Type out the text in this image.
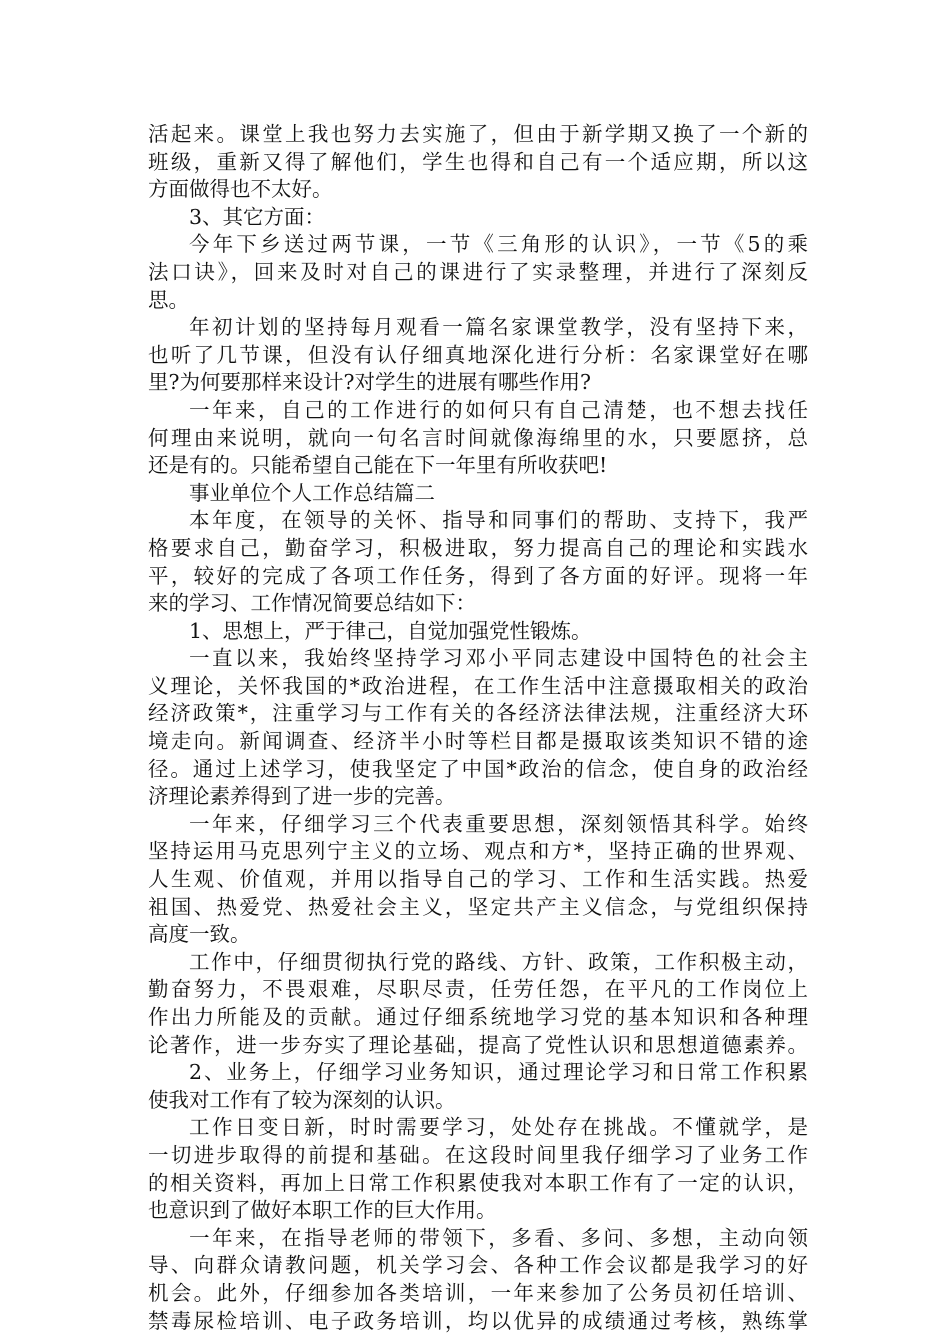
活起来。课堂上我也努力去实施了，但由于新学期又换了一个新的
班级，重新又得了解他们，学生也得和自己有一个适应期，所以这
方面做得也不太好。
3、其它方面：
今年下乡送过两节课，一节《三角形的认识》，一节《5的乘
法口诀》，回来及时对自己的课进行了实录整理，并进行了深刻反
思。
年初计划的坚持每月观看一篇名家课堂教学，没有坚持下来，
也听了几节课，但没有认仔细真地深化进行分析：名家课堂好在哪
里?为何要那样来设计?对学生的进展有哪些作用?
一年来，自己的工作进行的如何只有自己清楚，也不想去找任
何理由来说明，就向一句名言时间就像海绵里的水，只要愿挤，总
还是有的。只能希望自己能在下一年里有所收获吧!
事业单位个人工作总结篇二
本年度，在领导的关怀、指导和同事们的帮助、支持下，我严
格要求自己，勤奋学习，积极进取，努力提高自己的理论和实践水
平，较好的完成了各项工作任务，得到了各方面的好评。现将一年
来的学习、工作情况简要总结如下：
1、思想上，严于律己，自觉加强党性锻炼。
一直以来，我始终坚持学习邓小平同志建设中国特色的社会主
义理论，关怀我国的*政治进程，在工作生活中注意摄取相关的政治
经济政策*，注重学习与工作有关的各经济法律法规，注重经济大环
境走向。新闻调查、经济半小时等栏目都是摄取该类知识不错的途
径。通过上述学习，使我坚定了中国*政治的信念，使自身的政治经
济理论素养得到了进一步的完善。
一年来，仔细学习三个代表重要思想，深刻领悟其科学。始终
坚持运用马克思列宁主义的立场、观点和方*，坚持正确的世界观、
人生观、价值观，并用以指导自己的学习、工作和生活实践。热爱
祖国、热爱党、热爱社会主义，坚定共产主义信念，与党组织保持
高度一致。
工作中，仔细贯彻执行党的路线、方针、政策，工作积极主动，
勤奋努力，不畏艰难，尽职尽责，任劳任怨，在平凡的工作岗位上
作出力所能及的贡献。通过仔细系统地学习党的基本知识和各种理
论著作，进一步夯实了理论基础，提高了党性认识和思想道德素养。
2、业务上，仔细学习业务知识，通过理论学习和日常工作积累
使我对工作有了较为深刻的认识。
工作日变日新，时时需要学习，处处存在挑战。不懂就学，是
一切进步取得的前提和基础。在这段时间里我仔细学习了业务工作
的相关资料，再加上日常工作积累使我对本职工作有了一定的认识，
也意识到了做好本职工作的巨大作用。
一年来，在指导老师的带领下，多看、多问、多想，主动向领
导、向群众请教问题，机关学习会、各种工作会议都是我学习的好
机会。此外，仔细参加各类培训，一年来参加了公务员初任培训、
禁毒尿检培训、电子政务培训，均以优异的成绩通过考核，熟练掌
